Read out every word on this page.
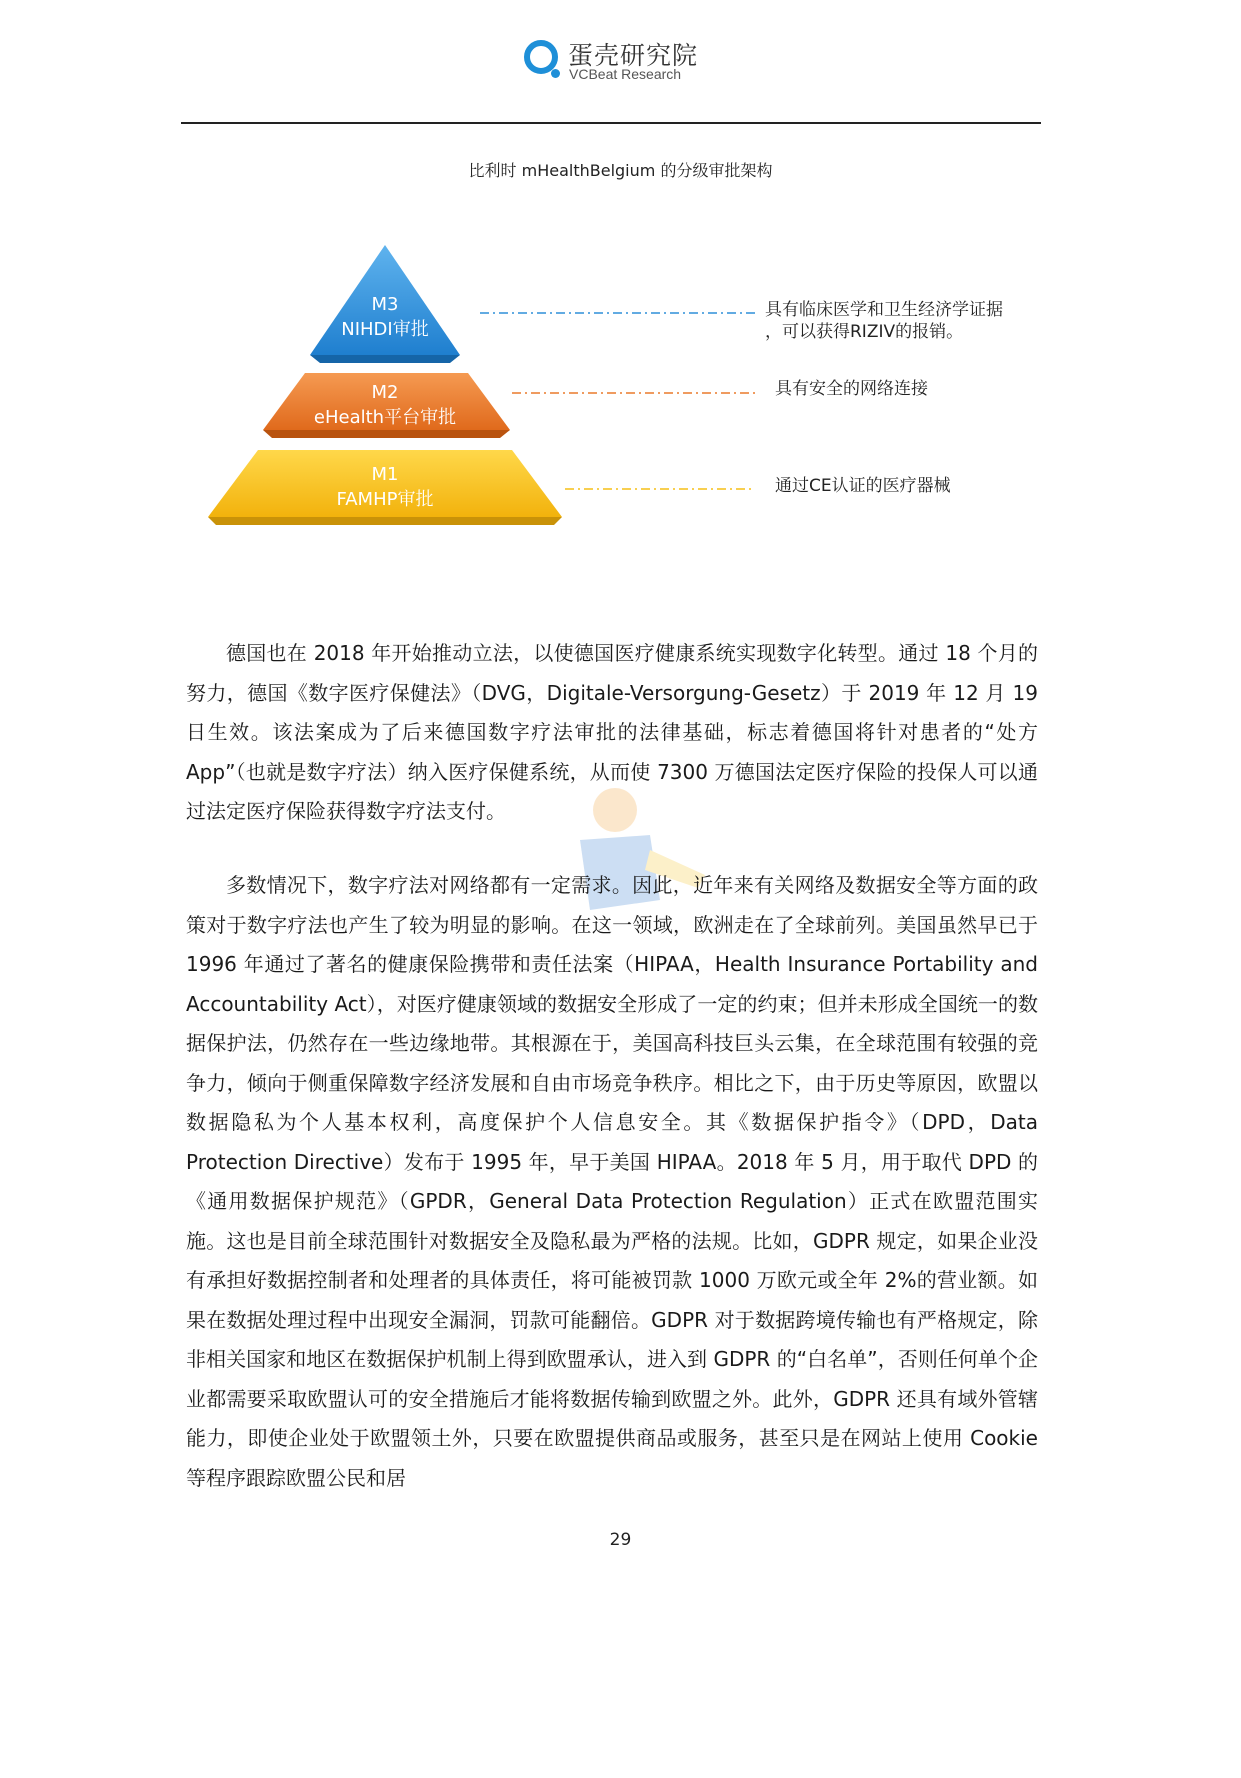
蛋壳研究院
VCBeat Research
比利时 mHealthBelgium 的分级审批架构
M3
NIHDI审批
M2
eHealth平台审批
M1
FAMHP审批
具有临床医学和卫生经济学证据
，可以获得RIZIV的报销。
具有安全的网络连接
通过CE认证的医疗器械

德国也在 2018 年开始推动立法，以使德国医疗健康系统实现数字化转型。通过 18 个月的努力，德国《数字医疗保健法》（DVG，Digitale-Versorgung-Gesetz）于 2019 年 12 月 19 日生效。该法案成为了后来德国数字疗法审批的法律基础，标志着德国将针对患者的“处方 App”（也就是数字疗法）纳入医疗保健系统，从而使 7300 万德国法定医疗保险的投保人可以通过法定医疗保险获得数字疗法支付。

多数情况下，数字疗法对网络都有一定需求。因此，近年来有关网络及数据安全等方面的政策对于数字疗法也产生了较为明显的影响。在这一领域，欧洲走在了全球前列。美国虽然早已于 1996 年通过了著名的健康保险携带和责任法案（HIPAA，Health Insurance Portability and Accountability Act），对医疗健康领域的数据安全形成了一定的约束；但并未形成全国统一的数据保护法，仍然存在一些边缘地带。其根源在于，美国高科技巨头云集，在全球范围有较强的竞争力，倾向于侧重保障数字经济发展和自由市场竞争秩序。相比之下，由于历史等原因，欧盟以数据隐私为个人基本权利，高度保护个人信息安全。其《数据保护指令》（DPD，Data Protection Directive）发布于 1995 年，早于美国 HIPAA。2018 年 5 月，用于取代 DPD 的《通用数据保护规范》（GPDR，General Data Protection Regulation）正式在欧盟范围实施。这也是目前全球范围针对数据安全及隐私最为严格的法规。比如，GDPR 规定，如果企业没有承担好数据控制者和处理者的具体责任，将可能被罚款 1000 万欧元或全年 2%的营业额。如果在数据处理过程中出现安全漏洞，罚款可能翻倍。GDPR 对于数据跨境传输也有严格规定，除非相关国家和地区在数据保护机制上得到欧盟承认，进入到 GDPR 的“白名单”，否则任何单个企业都需要采取欧盟认可的安全措施后才能将数据传输到欧盟之外。此外，GDPR 还具有域外管辖能力，即使企业处于欧盟领土外，只要在欧盟提供商品或服务，甚至只是在网站上使用 Cookie 等程序跟踪欧盟公民和居

29
